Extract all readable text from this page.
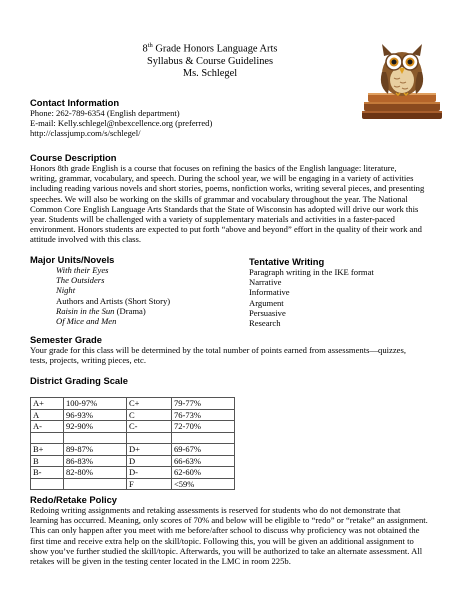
8th Grade Honors Language Arts
Syllabus & Course Guidelines
Ms. Schlegel
Contact Information
Phone: 262-789-6354 (English department)
E-mail: Kelly.schlegel@nbexcellence.org (preferred)
http://classjump.com/s/schlegel/
Course Description
Honors 8th grade English is a course that focuses on refining the basics of the English language: literature,
writing, grammar, vocabulary, and speech. During the school year, we will be engaging in a variety of activities
including reading various novels and short stories, poems, nonfiction works, writing several pieces, and presenting
speeches. We will also be working on the skills of grammar and vocabulary throughout the year. The National
Common Core English Language Arts Standards that the State of Wisconsin has adopted will drive our work this
year. Students will be challenged with a variety of supplementary materials and activities in a faster-paced
environment. Honors students are expected to put forth “above and beyond” effort in the quality of their work and
attitude involved with this class.
Major Units/Novels
With their Eyes
The Outsiders
Night
Authors and Artists (Short Story)
Raisin in the Sun (Drama)
Of Mice and Men
Tentative Writing
Paragraph writing in the IKE format
Narrative
Informative
Argument
Persuasive
Research
Semester Grade
Your grade for this class will be determined by the total number of points earned from assessments—quizzes,
tests, projects, writing pieces, etc.
District Grading Scale
A+	100-97%	C+	79-77%
A	96-93%	C	76-73%
A-	92-90%	C-	72-70%

B+	89-87%	D+	69-67%
B	86-83%	D	66-63%
B-	82-80%	D-	62-60%
		F	<59%
Redo/Retake Policy
Redoing writing assignments and retaking assessments is reserved for students who do not demonstrate that
learning has occurred. Meaning, only scores of 70% and below will be eligible to “redo” or “retake” an assignment.
This can only happen after you meet with me before/after school to discuss why proficiency was not obtained the
first time and receive extra help on the skill/topic. Following this, you will be given an additional assignment to
show you’ve further studied the skill/topic. Afterwards, you will be authorized to take an alternate assessment. All
retakes will be given in the testing center located in the LMC in room 225b.
